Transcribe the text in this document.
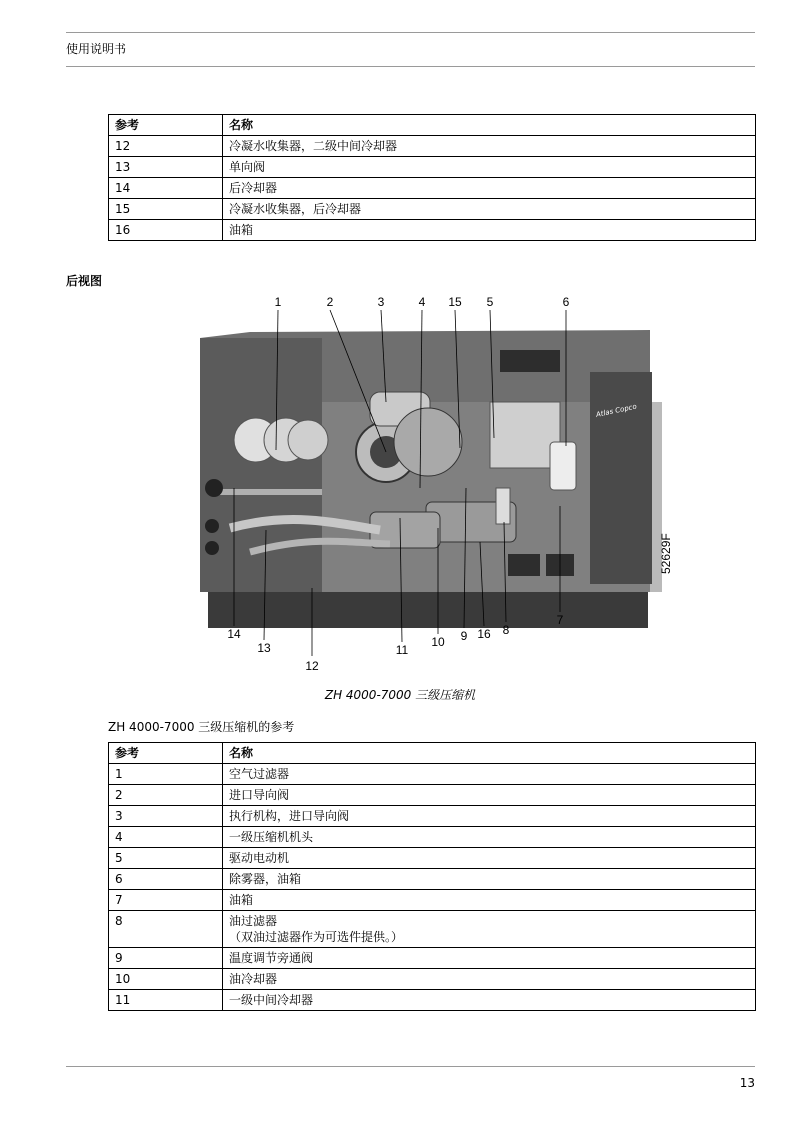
使用说明书
参考	名称
12	冷凝水收集器，二级中间冷却器
13	单向阀
14	后冷却器
15	冷凝水收集器，后冷却器
16	油箱
后视图
Atlas Copco
52629F
1	2	3	4 15 5	6
14
13
12
11
10 9 16 8
7
ZH 4000-7000 三级压缩机
ZH 4000-7000 三级压缩机的参考
参考	名称
1	空气过滤器
2	进口导向阀
3	执行机构，进口导向阀
4	一级压缩机机头
5	驱动电动机
6	除雾器，油箱
7	油箱
8	油过滤器
（双油过滤器作为可选件提供。）
9	温度调节旁通阀
10	油冷却器
11	一级中间冷却器
13
